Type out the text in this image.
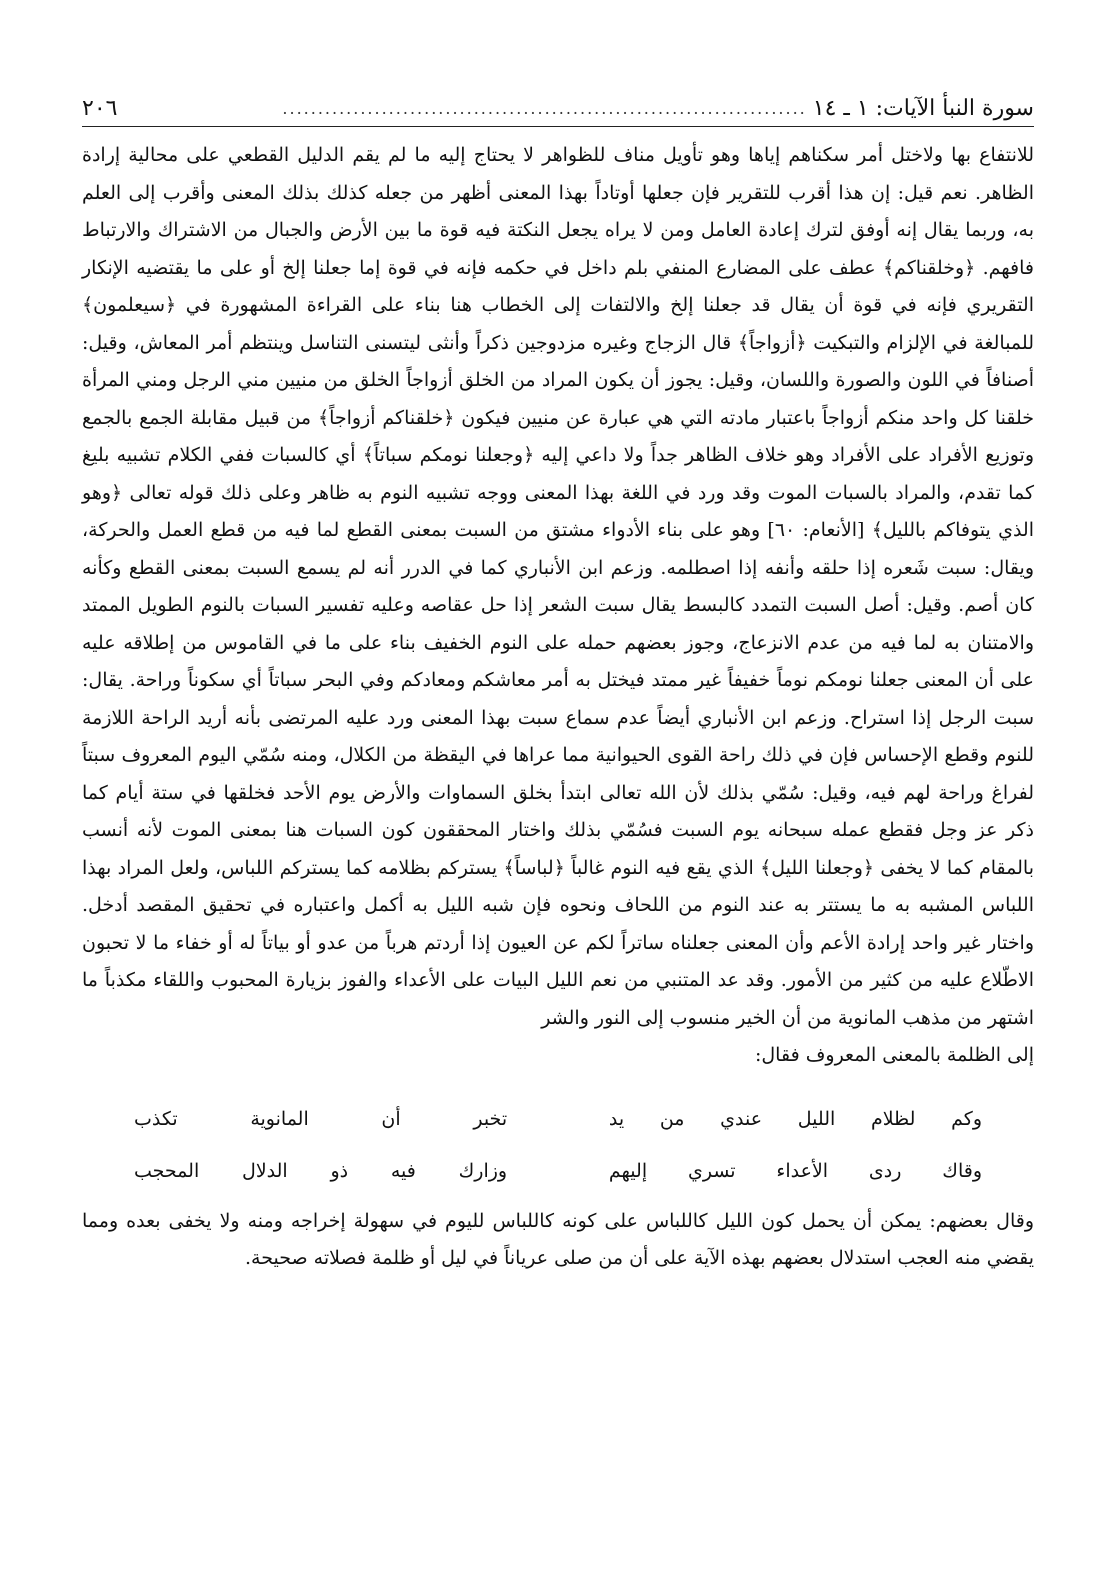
سورة النبأ الآيات: ١ ـ ١٤
..........................................................................
٢٠٦

للانتفاع بها ولاختل أمر سكناهم إياها وهو تأويل مناف للظواهر لا يحتاج إليه ما لم يقم الدليل القطعي على محالية إرادة الظاهر. نعم قيل: إن هذا أقرب للتقرير فإن جعلها أوتاداً بهذا المعنى أظهر من جعله كذلك بذلك المعنى وأقرب إلى العلم به، وربما يقال إنه أوفق لترك إعادة العامل ومن لا يراه يجعل النكتة فيه قوة ما بين الأرض والجبال من الاشتراك والارتباط فافهم. ﴿وخلقناكم﴾ عطف على المضارع المنفي بلم داخل في حكمه فإنه في قوة إما جعلنا إلخ أو على ما يقتضيه الإنكار التقريري فإنه في قوة أن يقال قد جعلنا إلخ والالتفات إلى الخطاب هنا بناء على القراءة المشهورة في ﴿سيعلمون﴾ للمبالغة في الإلزام والتبكيت ﴿أزواجاً﴾ قال الزجاج وغيره مزدوجين ذكراً وأنثى ليتسنى التناسل وينتظم أمر المعاش، وقيل: أصنافاً في اللون والصورة واللسان، وقيل: يجوز أن يكون المراد من الخلق أزواجاً الخلق من منيين مني الرجل ومني المرأة خلقنا كل واحد منكم أزواجاً باعتبار مادته التي هي عبارة عن منيين فيكون ﴿خلقناكم أزواجاً﴾ من قبيل مقابلة الجمع بالجمع وتوزيع الأفراد على الأفراد وهو خلاف الظاهر جداً ولا داعي إليه ﴿وجعلنا نومكم سباتاً﴾ أي كالسبات ففي الكلام تشبيه بليغ كما تقدم، والمراد بالسبات الموت وقد ورد في اللغة بهذا المعنى ووجه تشبيه النوم به ظاهر وعلى ذلك قوله تعالى ﴿وهو الذي يتوفاكم بالليل﴾ [الأنعام: ٦٠] وهو على بناء الأدواء مشتق من السبت بمعنى القطع لما فيه من قطع العمل والحركة، ويقال: سبت شَعره إذا حلقه وأنفه إذا اصطلمه. وزعم ابن الأنباري كما في الدرر أنه لم يسمع السبت بمعنى القطع وكأنه كان أصم. وقيل: أصل السبت التمدد كالبسط يقال سبت الشعر إذا حل عقاصه وعليه تفسير السبات بالنوم الطويل الممتد والامتنان به لما فيه من عدم الانزعاج، وجوز بعضهم حمله على النوم الخفيف بناء على ما في القاموس من إطلاقه عليه على أن المعنى جعلنا نومكم نوماً خفيفاً غير ممتد فيختل به أمر معاشكم ومعادكم وفي البحر سباتاً أي سكوناً وراحة. يقال: سبت الرجل إذا استراح. وزعم ابن الأنباري أيضاً عدم سماع سبت بهذا المعنى ورد عليه المرتضى بأنه أريد الراحة اللازمة للنوم وقطع الإحساس فإن في ذلك راحة القوى الحيوانية مما عراها في اليقظة من الكلال، ومنه سُمّي اليوم المعروف سبتاً لفراغ وراحة لهم فيه، وقيل: سُمّي بذلك لأن الله تعالى ابتدأ بخلق السماوات والأرض يوم الأحد فخلقها في ستة أيام كما ذكر عز وجل فقطع عمله سبحانه يوم السبت فسُمّي بذلك واختار المحققون كون السبات هنا بمعنى الموت لأنه أنسب بالمقام كما لا يخفى ﴿وجعلنا الليل﴾ الذي يقع فيه النوم غالباً ﴿لباساً﴾ يستركم بظلامه كما يستركم اللباس، ولعل المراد بهذا اللباس المشبه به ما يستتر به عند النوم من اللحاف ونحوه فإن شبه الليل به أكمل واعتباره في تحقيق المقصد أدخل. واختار غير واحد إرادة الأعم وأن المعنى جعلناه ساتراً لكم عن العيون إذا أردتم هرباً من عدو أو بياتاً له أو خفاء ما لا تحبون الاطّلاع عليه من كثير من الأمور. وقد عد المتنبي من نعم الليل البيات على الأعداء والفوز بزيارة المحبوب واللقاء مكذباً ما اشتهر من مذهب المانوية من أن الخير منسوب إلى النور والشر

إلى الظلمة بالمعنى المعروف فقال:

وكم لظلام الليل عندي من يد
تخبر أن المانوية تكذب
وقاك ردى الأعداء تسري إليهم
وزارك فيه ذو الدلال المحجب

وقال بعضهم: يمكن أن يحمل كون الليل كاللباس على كونه كاللباس لليوم في سهولة إخراجه ومنه ولا يخفى بعده ومما يقضي منه العجب استدلال بعضهم بهذه الآية على أن من صلى عرياناً في ليل أو ظلمة فصلاته صحيحة.
